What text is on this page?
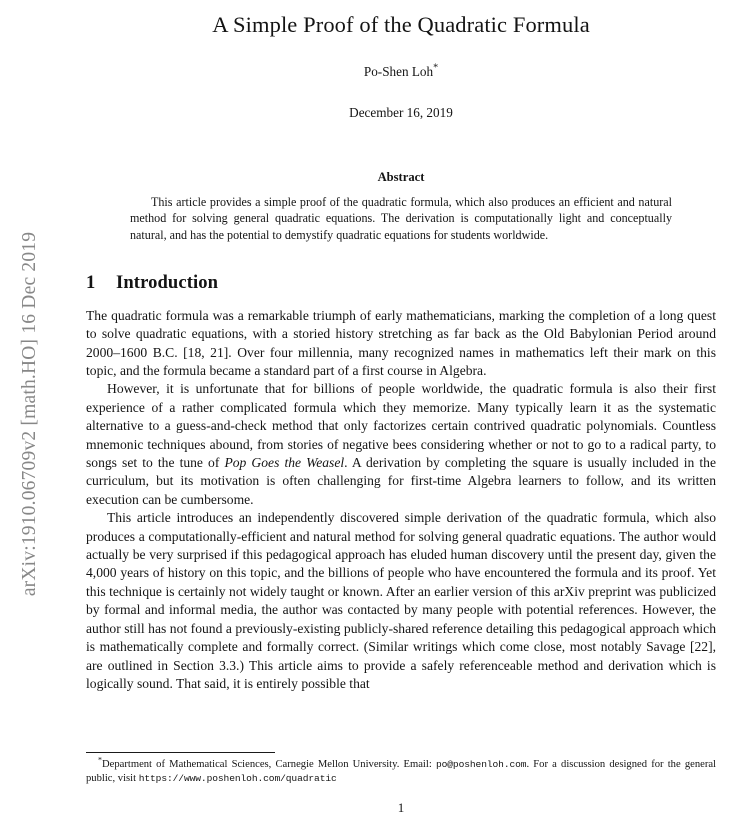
arXiv:1910.06709v2 [math.HO] 16 Dec 2019
A Simple Proof of the Quadratic Formula
Po-Shen Loh*
December 16, 2019
Abstract
This article provides a simple proof of the quadratic formula, which also produces an efficient and natural method for solving general quadratic equations. The derivation is computationally light and conceptually natural, and has the potential to demystify quadratic equations for students worldwide.
1 Introduction

The quadratic formula was a remarkable triumph of early mathematicians, marking the completion of a long quest to solve quadratic equations, with a storied history stretching as far back as the Old Babylonian Period around 2000–1600 B.C. [18, 21]. Over four millennia, many recognized names in mathematics left their mark on this topic, and the formula became a standard part of a first course in Algebra.

However, it is unfortunate that for billions of people worldwide, the quadratic formula is also their first experience of a rather complicated formula which they memorize. Many typically learn it as the systematic alternative to a guess-and-check method that only factorizes certain contrived quadratic polynomials. Countless mnemonic techniques abound, from stories of negative bees considering whether or not to go to a radical party, to songs set to the tune of Pop Goes the Weasel. A derivation by completing the square is usually included in the curriculum, but its motivation is often challenging for first-time Algebra learners to follow, and its written execution can be cumbersome.

This article introduces an independently discovered simple derivation of the quadratic formula, which also produces a computationally-efficient and natural method for solving general quadratic equations. The author would actually be very surprised if this pedagogical approach has eluded human discovery until the present day, given the 4,000 years of history on this topic, and the billions of people who have encountered the formula and its proof. Yet this technique is certainly not widely taught or known. After an earlier version of this arXiv preprint was publicized by formal and informal media, the author was contacted by many people with potential references. However, the author still has not found a previously-existing publicly-shared reference detailing this pedagogical approach which is mathematically complete and formally correct. (Similar writings which come close, most notably Savage [22], are outlined in Section 3.3.) This article aims to provide a safely referenceable method and derivation which is logically sound. That said, it is entirely possible that

*Department of Mathematical Sciences, Carnegie Mellon University. Email: po@poshenloh.com. For a discussion designed for the general public, visit https://www.poshenloh.com/quadratic
1
